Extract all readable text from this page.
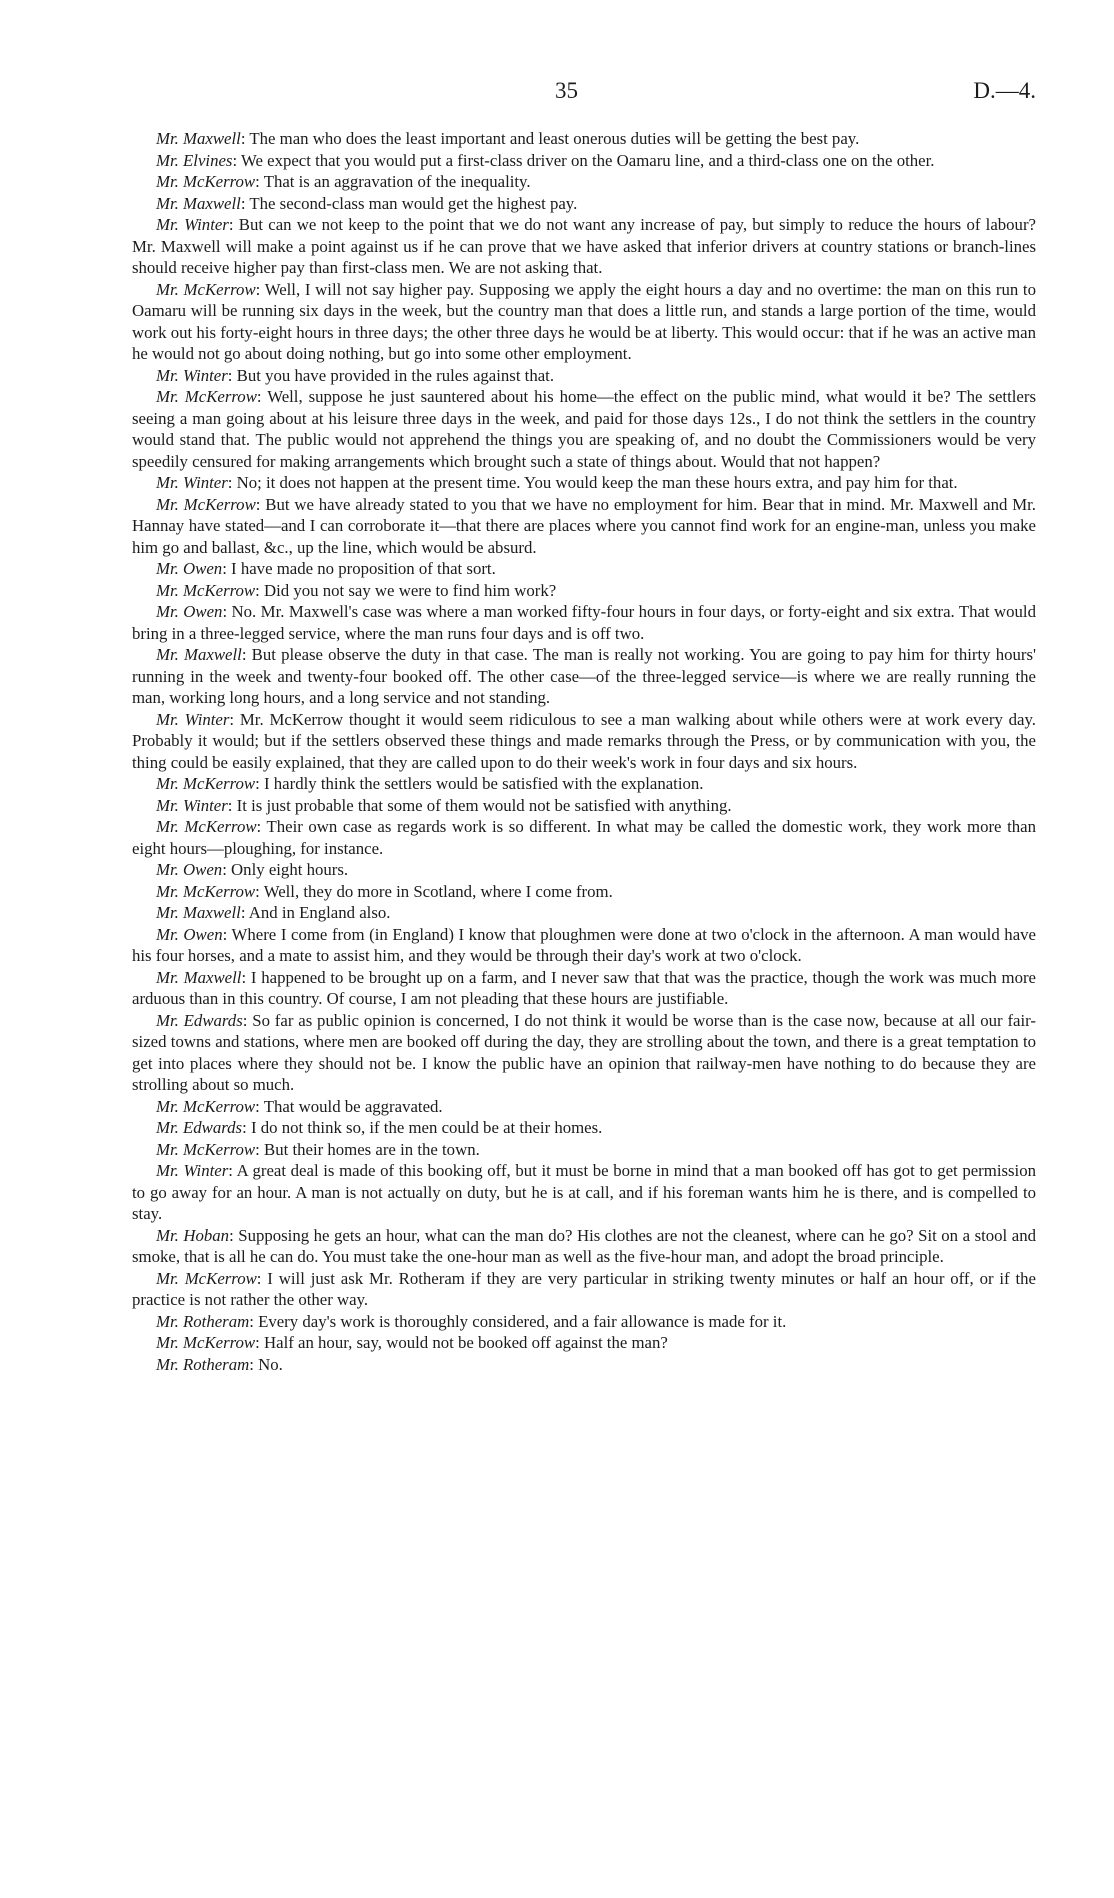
35	D.—4.

Mr. Maxwell: The man who does the least important and least onerous duties will be getting the best pay.

Mr. Elvines: We expect that you would put a first-class driver on the Oamaru line, and a third-class one on the other.

Mr. McKerrow: That is an aggravation of the inequality.

Mr. Maxwell: The second-class man would get the highest pay.

Mr. Winter: But can we not keep to the point that we do not want any increase of pay, but simply to reduce the hours of labour? Mr. Maxwell will make a point against us if he can prove that we have asked that inferior drivers at country stations or branch-lines should receive higher pay than first-class men. We are not asking that.

Mr. McKerrow: Well, I will not say higher pay. Supposing we apply the eight hours a day and no overtime: the man on this run to Oamaru will be running six days in the week, but the country man that does a little run, and stands a large portion of the time, would work out his forty-eight hours in three days; the other three days he would be at liberty. This would occur: that if he was an active man he would not go about doing nothing, but go into some other employment.

Mr. Winter: But you have provided in the rules against that.

Mr. McKerrow: Well, suppose he just sauntered about his home—the effect on the public mind, what would it be? The settlers seeing a man going about at his leisure three days in the week, and paid for those days 12s., I do not think the settlers in the country would stand that. The public would not apprehend the things you are speaking of, and no doubt the Commissioners would be very speedily censured for making arrangements which brought such a state of things about. Would that not happen?

Mr. Winter: No; it does not happen at the present time. You would keep the man these hours extra, and pay him for that.

Mr. McKerrow: But we have already stated to you that we have no employment for him. Bear that in mind. Mr. Maxwell and Mr. Hannay have stated—and I can corroborate it—that there are places where you cannot find work for an engine-man, unless you make him go and ballast, &c., up the line, which would be absurd.

Mr. Owen: I have made no proposition of that sort.

Mr. McKerrow: Did you not say we were to find him work?

Mr. Owen: No. Mr. Maxwell's case was where a man worked fifty-four hours in four days, or forty-eight and six extra. That would bring in a three-legged service, where the man runs four days and is off two.

Mr. Maxwell: But please observe the duty in that case. The man is really not working. You are going to pay him for thirty hours' running in the week and twenty-four booked off. The other case—of the three-legged service—is where we are really running the man, working long hours, and a long service and not standing.

Mr. Winter: Mr. McKerrow thought it would seem ridiculous to see a man walking about while others were at work every day. Probably it would; but if the settlers observed these things and made remarks through the Press, or by communication with you, the thing could be easily explained, that they are called upon to do their week's work in four days and six hours.

Mr. McKerrow: I hardly think the settlers would be satisfied with the explanation.

Mr. Winter: It is just probable that some of them would not be satisfied with anything.

Mr. McKerrow: Their own case as regards work is so different. In what may be called the domestic work, they work more than eight hours—ploughing, for instance.

Mr. Owen: Only eight hours.

Mr. McKerrow: Well, they do more in Scotland, where I come from.

Mr. Maxwell: And in England also.

Mr. Owen: Where I come from (in England) I know that ploughmen were done at two o'clock in the afternoon. A man would have his four horses, and a mate to assist him, and they would be through their day's work at two o'clock.

Mr. Maxwell: I happened to be brought up on a farm, and I never saw that that was the practice, though the work was much more arduous than in this country. Of course, I am not pleading that these hours are justifiable.

Mr. Edwards: So far as public opinion is concerned, I do not think it would be worse than is the case now, because at all our fair-sized towns and stations, where men are booked off during the day, they are strolling about the town, and there is a great temptation to get into places where they should not be. I know the public have an opinion that railway-men have nothing to do because they are strolling about so much.

Mr. McKerrow: That would be aggravated.

Mr. Edwards: I do not think so, if the men could be at their homes.

Mr. McKerrow: But their homes are in the town.

Mr. Winter: A great deal is made of this booking off, but it must be borne in mind that a man booked off has got to get permission to go away for an hour. A man is not actually on duty, but he is at call, and if his foreman wants him he is there, and is compelled to stay.

Mr. Hoban: Supposing he gets an hour, what can the man do? His clothes are not the cleanest, where can he go? Sit on a stool and smoke, that is all he can do. You must take the one-hour man as well as the five-hour man, and adopt the broad principle.

Mr. McKerrow: I will just ask Mr. Rotheram if they are very particular in striking twenty minutes or half an hour off, or if the practice is not rather the other way.

Mr. Rotheram: Every day's work is thoroughly considered, and a fair allowance is made for it.

Mr. McKerrow: Half an hour, say, would not be booked off against the man?

Mr. Rotheram: No.
